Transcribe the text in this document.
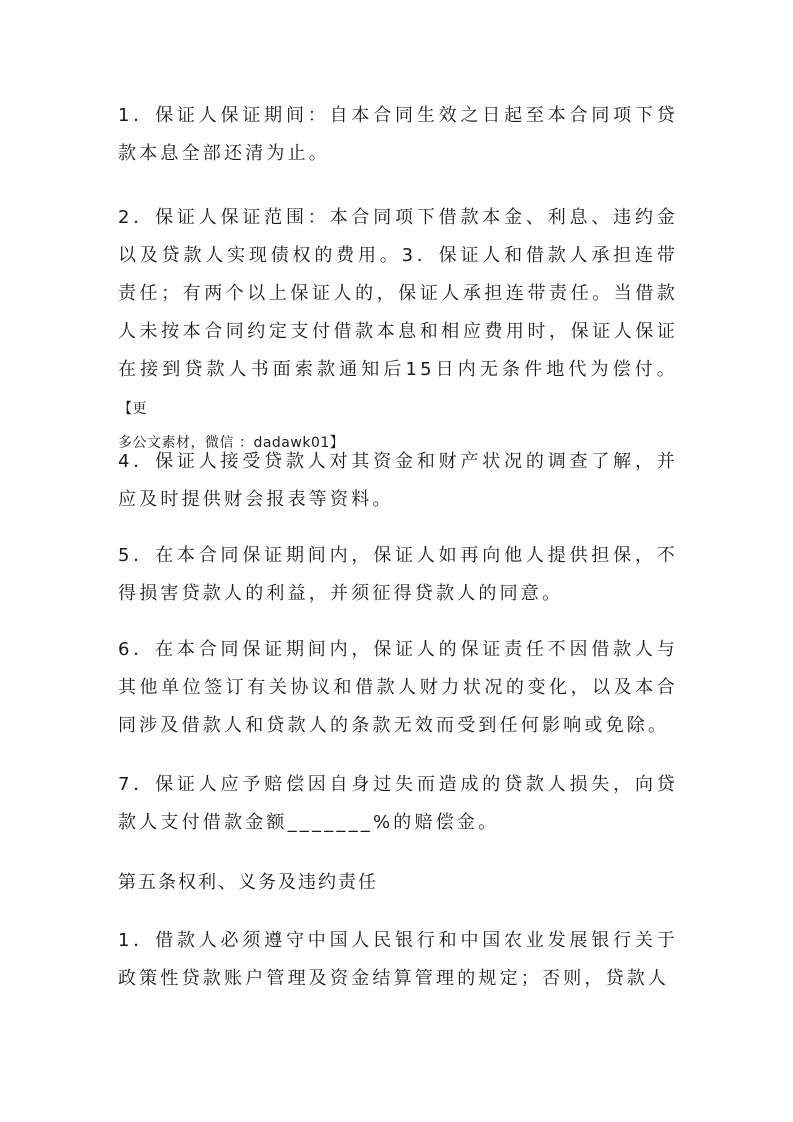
1．保证人保证期间：自本合同生效之日起至本合同项下贷款本息全部还清为止。

2．保证人保证范围：本合同项下借款本金、利息、违约金以及贷款人实现债权的费用。3．保证人和借款人承担连带责任；有两个以上保证人的，保证人承担连带责任。当借款人未按本合同约定支付借款本息和相应费用时，保证人保证在接到贷款人书面索款通知后15日内无条件地代为偿付。【更
多公文素材，微信 ：dadawk01】

4．保证人接受贷款人对其资金和财产状况的调查了解，并应及时提供财会报表等资料。

5．在本合同保证期间内，保证人如再向他人提供担保，不得损害贷款人的利益，并须征得贷款人的同意。

6．在本合同保证期间内，保证人的保证责任不因借款人与其他单位签订有关协议和借款人财力状况的变化，以及本合同涉及借款人和贷款人的条款无效而受到任何影响或免除。

7．保证人应予赔偿因自身过失而造成的贷款人损失，向贷款人支付借款金额_______%的赔偿金。

第五条权利、义务及违约责任

1．借款人必须遵守中国人民银行和中国农业发展银行关于政策性贷款账户管理及资金结算管理的规定；否则，贷款人
